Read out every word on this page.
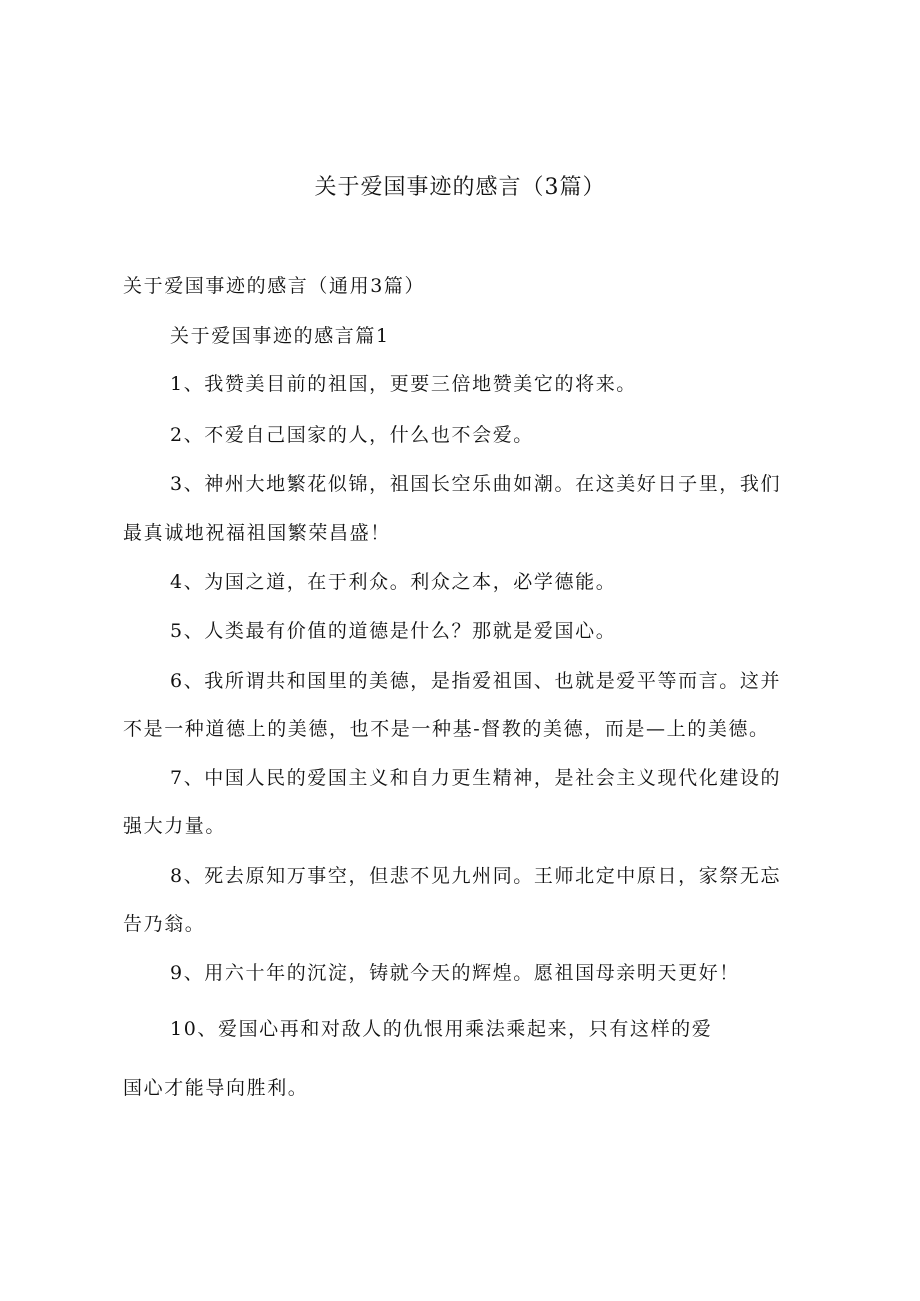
关于爱国事迹的感言（3篇）
关于爱国事迹的感言（通用3篇）
关于爱国事迹的感言篇1
1、我赞美目前的祖国，更要三倍地赞美它的将来。
2、不爱自己国家的人，什么也不会爱。
3、神州大地繁花似锦，祖国长空乐曲如潮。在这美好日子里，我们
最真诚地祝福祖国繁荣昌盛！
4、为国之道，在于利众。利众之本，必学德能。
5、人类最有价值的道德是什么？那就是爱国心。
6、我所谓共和国里的美德，是指爱祖国、也就是爱平等而言。这并
不是一种道德上的美德，也不是一种基-督教的美德，而是—上的美德。
7、中国人民的爱国主义和自力更生精神，是社会主义现代化建设的
强大力量。
8、死去原知万事空，但悲不见九州同。王师北定中原日，家祭无忘
告乃翁。
9、用六十年的沉淀，铸就今天的辉煌。愿祖国母亲明天更好！
10、爱国心再和对敌人的仇恨用乘法乘起来，只有这样的爱
国心才能导向胜利。
